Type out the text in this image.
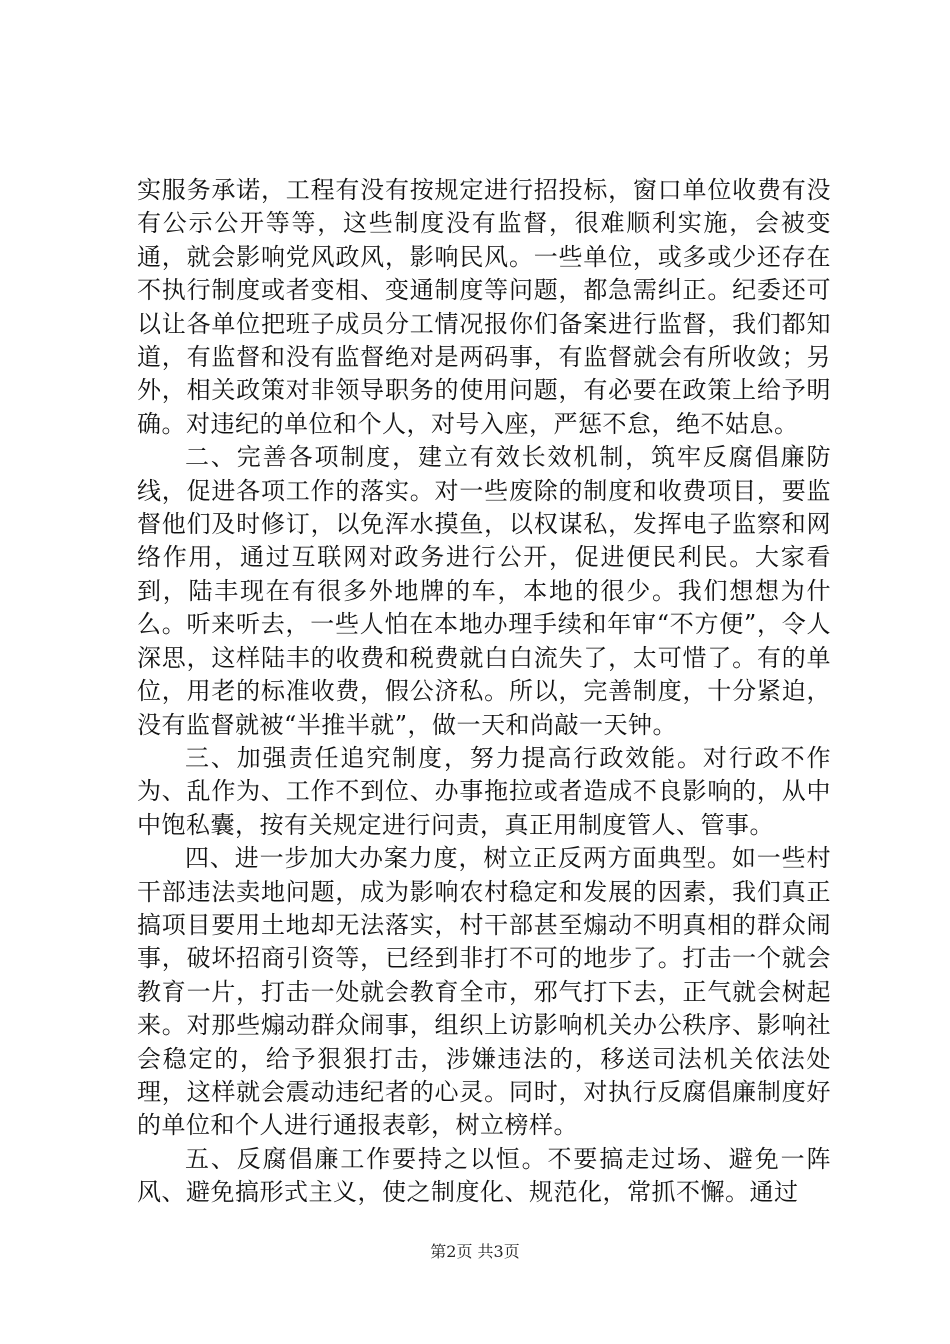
实服务承诺，工程有没有按规定进行招投标，窗口单位收费有没有公示公开等等，这些制度没有监督，很难顺利实施，会被变通，就会影响党风政风，影响民风。一些单位，或多或少还存在不执行制度或者变相、变通制度等问题，都急需纠正。纪委还可以让各单位把班子成员分工情况报你们备案进行监督，我们都知道，有监督和没有监督绝对是两码事，有监督就会有所收敛；另外，相关政策对非领导职务的使用问题，有必要在政策上给予明确。对违纪的单位和个人，对号入座，严惩不怠，绝不姑息。

二、完善各项制度，建立有效长效机制，筑牢反腐倡廉防线，促进各项工作的落实。对一些废除的制度和收费项目，要监督他们及时修订，以免浑水摸鱼，以权谋私，发挥电子监察和网络作用，通过互联网对政务进行公开，促进便民利民。大家看到，陆丰现在有很多外地牌的车，本地的很少。我们想想为什么。听来听去，一些人怕在本地办理手续和年审“不方便”，令人深思，这样陆丰的收费和税费就白白流失了，太可惜了。有的单位，用老的标准收费，假公济私。所以，完善制度，十分紧迫，没有监督就被“半推半就”，做一天和尚敲一天钟。

三、加强责任追究制度，努力提高行政效能。对行政不作为、乱作为、工作不到位、办事拖拉或者造成不良影响的，从中中饱私囊，按有关规定进行问责，真正用制度管人、管事。

四、进一步加大办案力度，树立正反两方面典型。如一些村干部违法卖地问题，成为影响农村稳定和发展的因素，我们真正搞项目要用土地却无法落实，村干部甚至煽动不明真相的群众闹事，破坏招商引资等，已经到非打不可的地步了。打击一个就会教育一片，打击一处就会教育全市，邪气打下去，正气就会树起来。对那些煽动群众闹事，组织上访影响机关办公秩序、影响社会稳定的，给予狠狠打击，涉嫌违法的，移送司法机关依法处理，这样就会震动违纪者的心灵。同时，对执行反腐倡廉制度好的单位和个人进行通报表彰，树立榜样。

五、反腐倡廉工作要持之以恒。不要搞走过场、避免一阵风、避免搞形式主义，使之制度化、规范化，常抓不懈。通过

第2页 共3页
